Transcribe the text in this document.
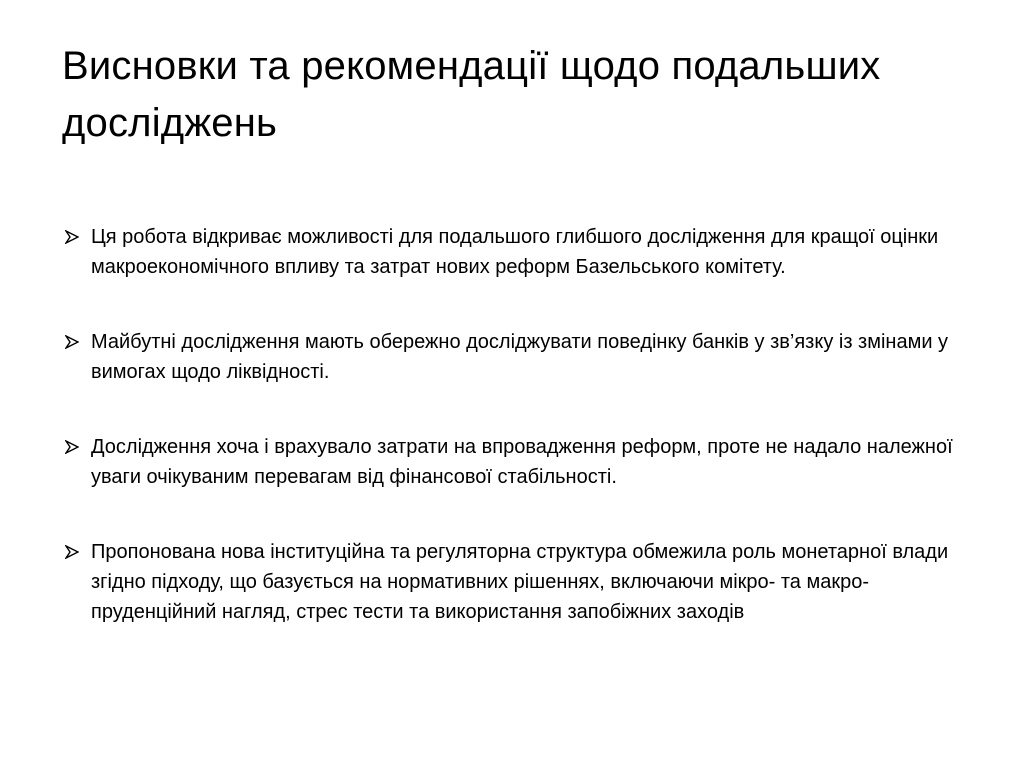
Висновки та рекомендації щодо подальших досліджень
Ця робота відкриває можливості для подальшого глибшого дослідження для кращої оцінки макроекономічного впливу та затрат нових реформ Базельського комітету.
Майбутні дослідження мають обережно досліджувати поведінку банків у зв’язку із змінами у вимогах щодо ліквідності.
Дослідження хоча і врахувало затрати на впровадження реформ, проте не надало належної уваги очікуваним перевагам від фінансової стабільності.
Пропонована нова інституційна та регуляторна структура обмежила роль монетарної влади згідно підходу, що базується на нормативних рішеннях, включаючи мікро- та макро-пруденційний нагляд, стрес тести та використання запобіжних заходів
